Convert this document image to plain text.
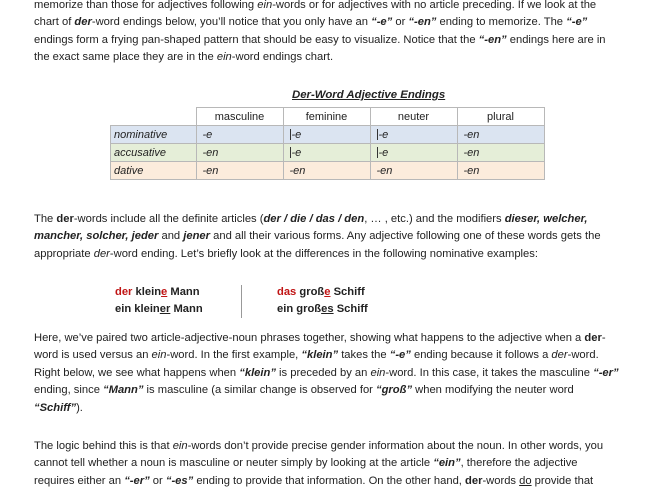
memorize than those for adjectives following ein-words or for adjectives with no article preceding. If we look at the
chart of der-word endings below, you’ll notice that you only have an “-e” or “-en” ending to memorize. The “-e”
endings form a frying pan-shaped pattern that should be easy to visualize. Notice that the “-en” endings here are in
the exact same place they are in the ein-word endings chart.

Der-Word Adjective Endings
	masculine	feminine	neuter	plural
nominative	-e	-e	-e	-en
accusative	-en	-e	-e	-en
dative	-en	-en	-en	-en

The der-words include all the definite articles (der / die / das / den, … , etc.) and the modifiers dieser, welcher,
mancher, solcher, jeder and jener and all their various forms. Any adjective following one of these words gets the
appropriate der-word ending. Let’s briefly look at the differences in the following nominative examples:

der kleine Mann
ein kleiner Mann
das große Schiff
ein großes Schiff

Here, we’ve paired two article-adjective-noun phrases together, showing what happens to the adjective when a der-
word is used versus an ein-word. In the first example, “klein” takes the “-e” ending because it follows a der-word.
Right below, we see what happens when “klein” is preceded by an ein-word. In this case, it takes the masculine “-er”
ending, since “Mann” is masculine (a similar change is observed for “groß” when modifying the neuter word
“Schiff”).

The logic behind this is that ein-words don’t provide precise gender information about the noun. In other words, you
cannot tell whether a noun is masculine or neuter simply by looking at the article “ein”, therefore the adjective
requires either an “-er” or “-es” ending to provide that information. On the other hand, der-words do provide that
